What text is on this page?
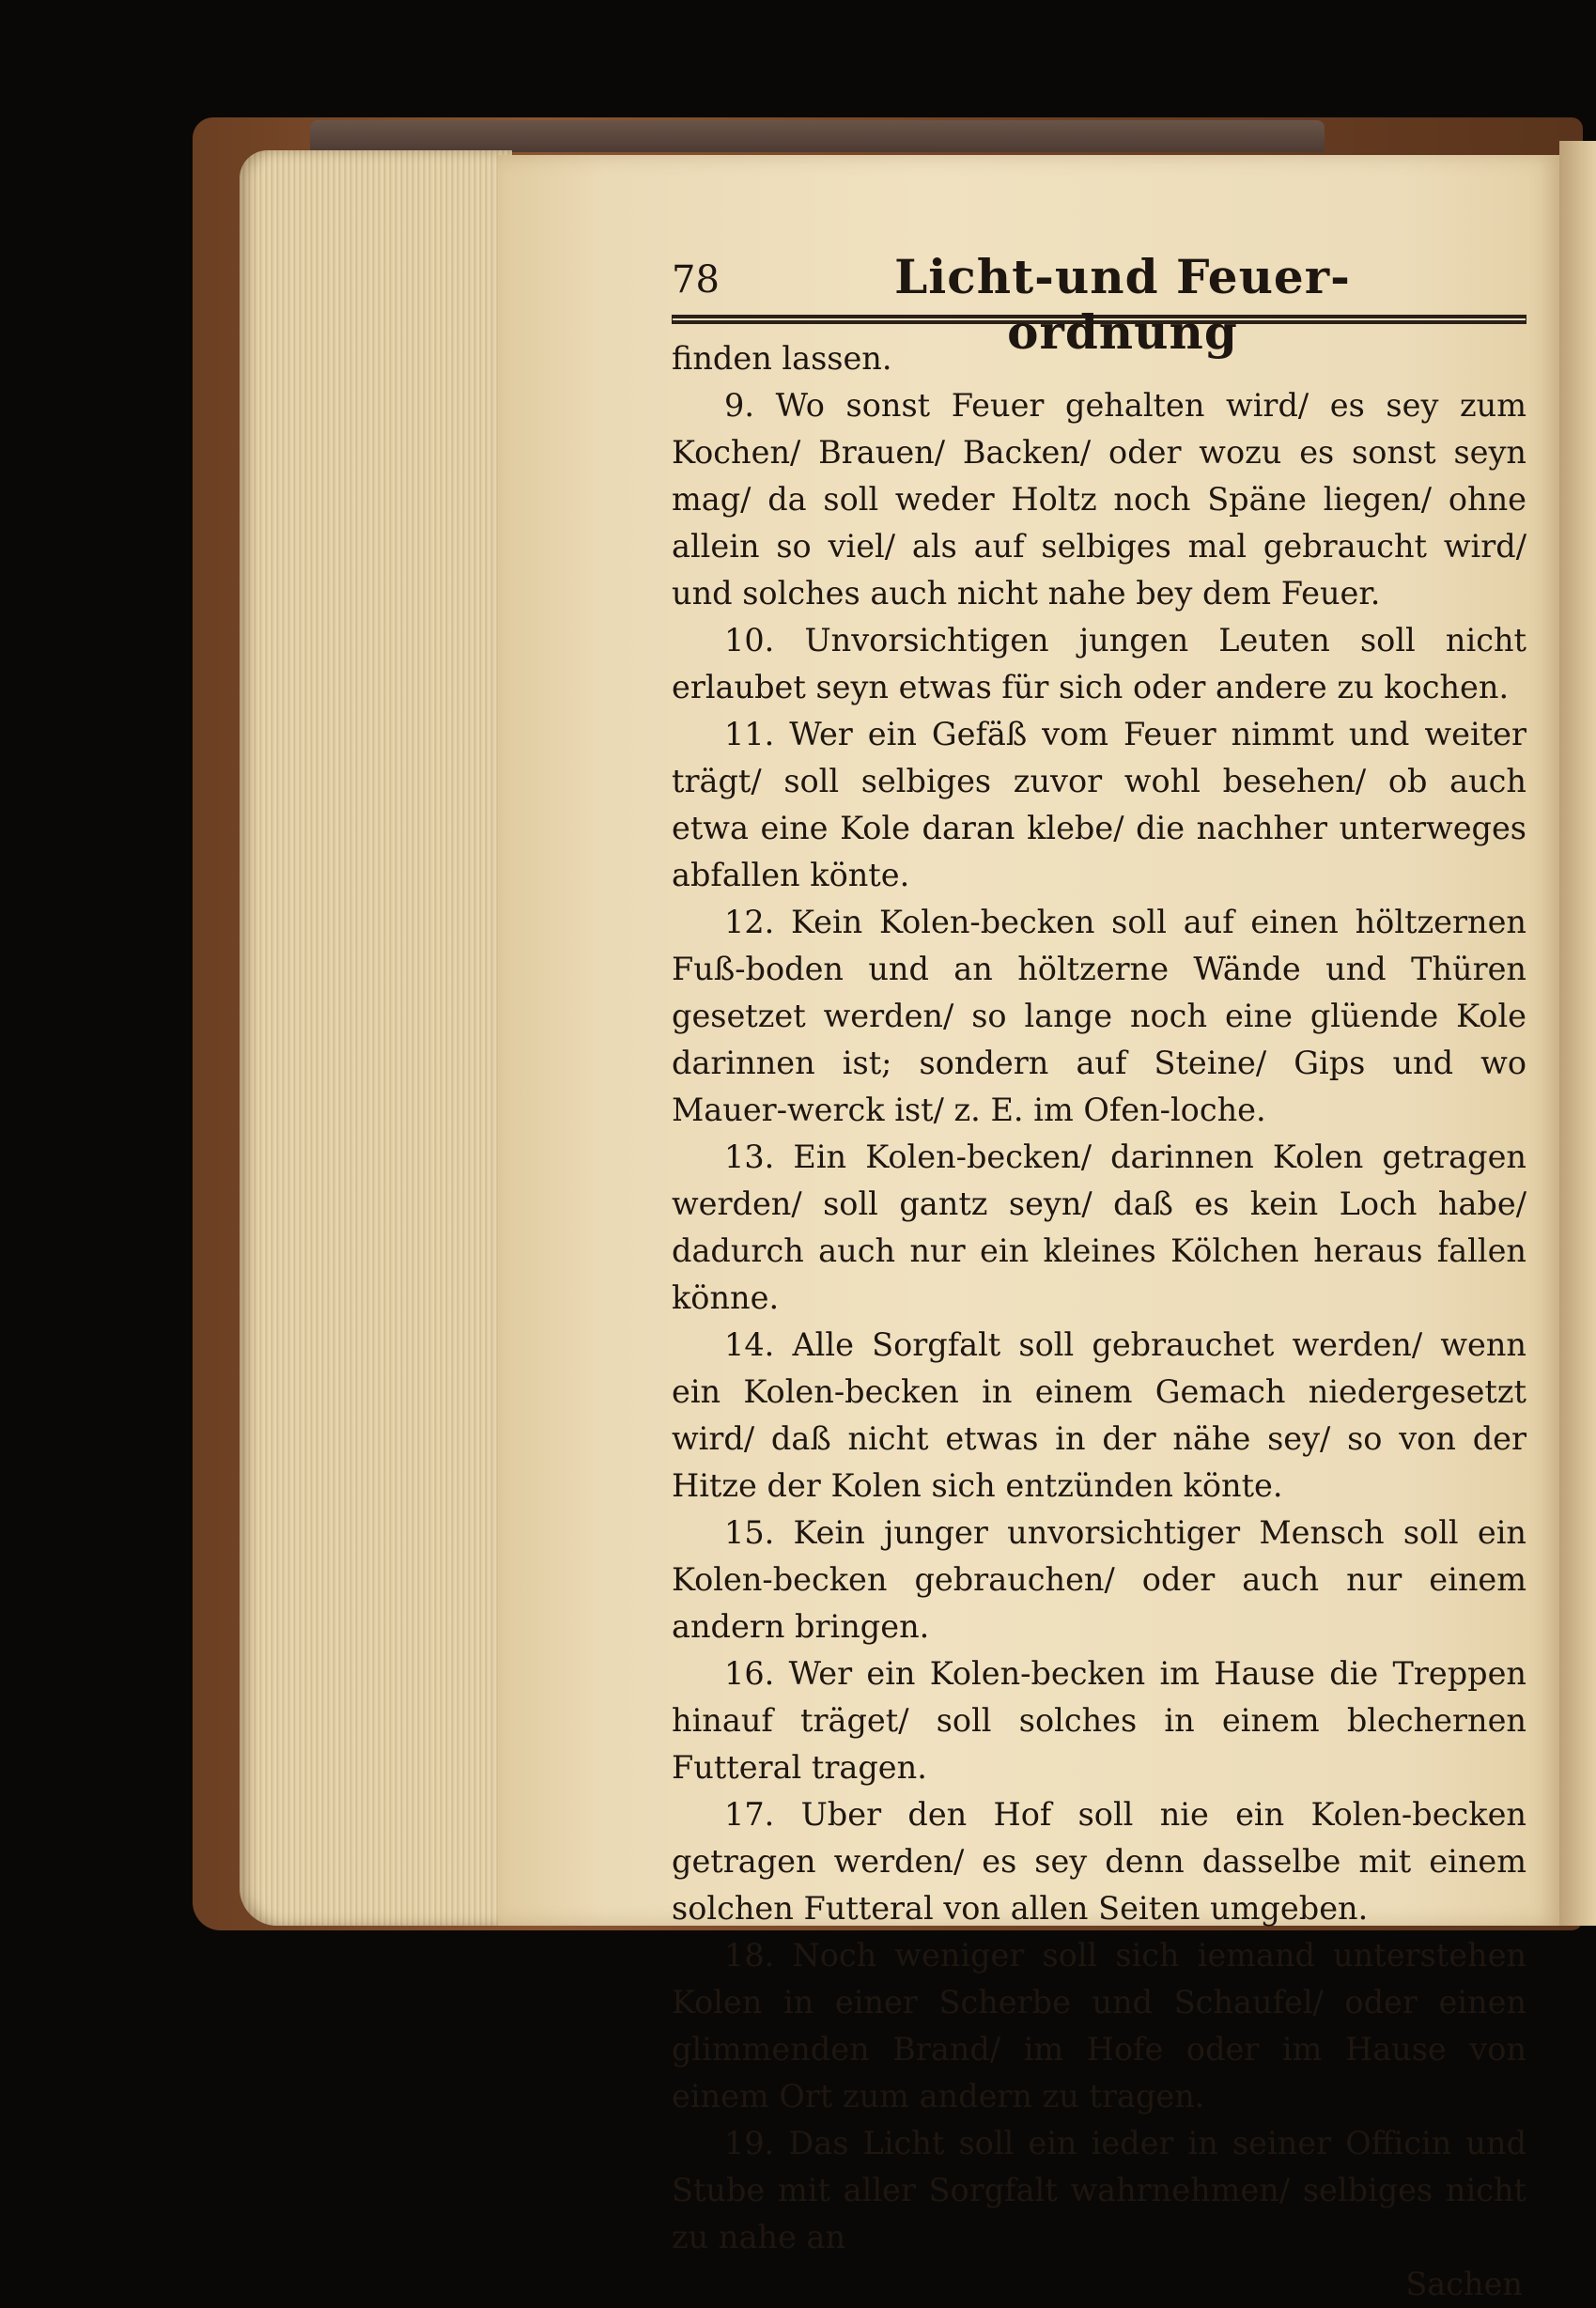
78	Licht-und Feuer-ordnung

finden lassen.

9. Wo sonst Feuer gehalten wird/ es sey zum Kochen/ Brauen/ Backen/ oder wozu es sonst seyn mag/ da soll weder Holtz noch Späne liegen/ ohne allein so viel/ als auf selbiges mal gebraucht wird/ und solches auch nicht nahe bey dem Feuer.

10. Unvorsichtigen jungen Leuten soll nicht erlaubet seyn etwas für sich oder andere zu kochen.

11. Wer ein Gefäß vom Feuer nimmt und weiter trägt/ soll selbiges zuvor wohl besehen/ ob auch etwa eine Kole daran klebe/ die nachher unterweges abfallen könte.

12. Kein Kolen-becken soll auf einen höltzernen Fuß-boden und an höltzerne Wände und Thüren gesetzet werden/ so lange noch eine glüende Kole darinnen ist; sondern auf Steine/ Gips und wo Mauer-werck ist/ z. E. im Ofen-loche.

13. Ein Kolen-becken/ darinnen Kolen getragen werden/ soll gantz seyn/ daß es kein Loch habe/ dadurch auch nur ein kleines Kölchen heraus fallen könne.

14. Alle Sorgfalt soll gebrauchet werden/ wenn ein Kolen-becken in einem Gemach niedergesetzt wird/ daß nicht etwas in der nähe sey/ so von der Hitze der Kolen sich entzünden könte.

15. Kein junger unvorsichtiger Mensch soll ein Kolen-becken gebrauchen/ oder auch nur einem andern bringen.

16. Wer ein Kolen-becken im Hause die Treppen hinauf träget/ soll solches in einem blechernen Futteral tragen.

17. Uber den Hof soll nie ein Kolen-becken getragen werden/ es sey denn dasselbe mit einem solchen Futteral von allen Seiten umgeben.

18. Noch weniger soll sich iemand unterstehen Kolen in einer Scherbe und Schaufel/ oder einen glimmenden Brand/ im Hofe oder im Hause von einem Ort zum andern zu tragen.

19. Das Licht soll ein ieder in seiner Officin und Stube mit aller Sorgfalt wahrnehmen/ selbiges nicht zu nahe an

Sachen
